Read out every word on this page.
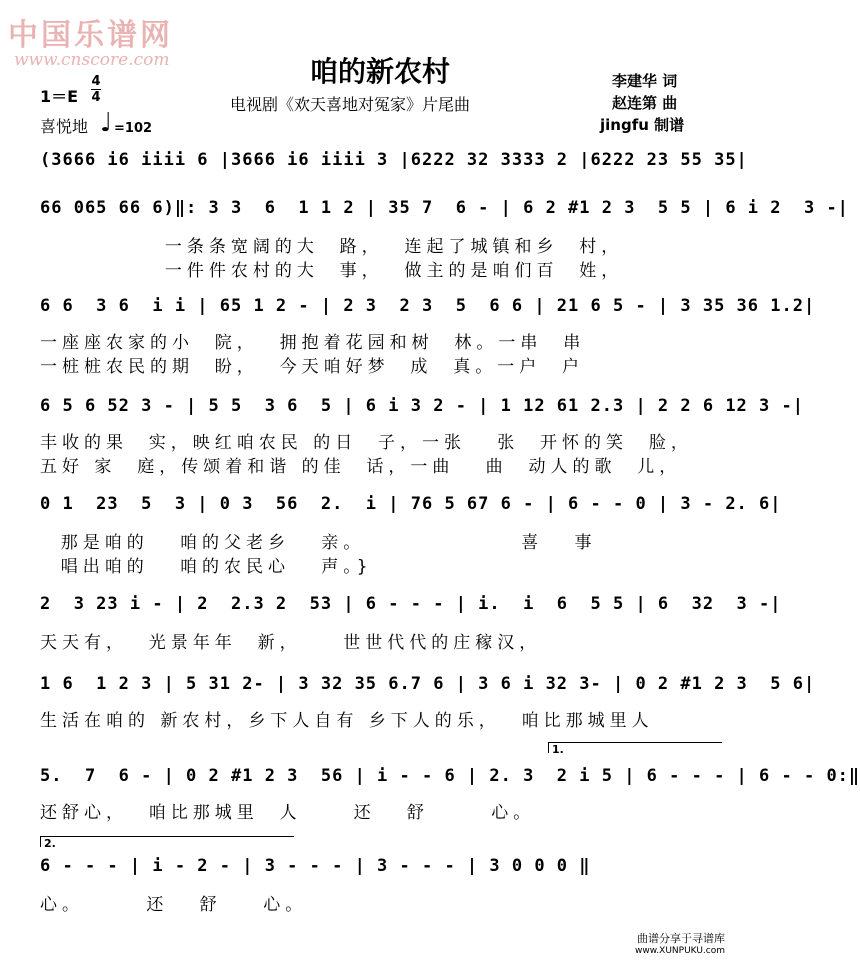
中国乐谱网
www.cnscore.com	咱的新农村
电视剧《欢天喜地对冤家》片尾曲
李建华 词
赵连第 曲
jingfu 制谱
$1=E \frac{4}{4}$
喜悦地 ♩ =102
(3666 i6 iiii 6 |3666 i6 iiii 3 |6222 32 3333 2 |6222 23 55 35|
66 065 66 6)‖: 3 3  6  1 1 2 | 35 7  6 - | 6 2 #1 2 3  5 5 | 6 i 2  3 -|
一条条宽阔的大  路，  连起了城镇和乡  村，
一件件农村的大  事，  做主的是咱们百  姓，
6 6  3 6  i i | 65 1 2 - | 2 3  2 3  5  6 6 | 21 6 5 - | 3 35 36 1.2|
一座座农家的小  院，  拥抱着花园和树  林。一串  串
一桩桩农民的期  盼，  今天咱好梦  成  真。一户  户
6 5 6 52 3 - | 5 5  3 6  5 | 6 i 3 2 - | 1 12 61 2.3 | 2 2 6 12 3 -|
丰收的果  实，映红咱农民 的日  子，一张   张  开怀的笑  脸，
五好 家  庭，传颂着和谐 的佳  话，一曲   曲  动人的歌  儿，
0 1  23  5  3 | 0 3  56  2.  i | 76 5 67 6 - | 6 - - 0 | 3 - 2. 6|
那是咱的   咱的父老乡   亲。               喜   事
唱出咱的   咱的农民心   声。}
2  3 23 i - | 2  2.3 2  53 | 6 - - - | i.  i  6  5 5 | 6  32  3 -|
天天有，  光景年年  新，    世世代代的庄稼汉，
1 6  1 2 3 | 5 31 2- | 3 32 35 6.7 6 | 3 6 i 32 3- | 0 2 #1 2 3  5 6|
生活在咱的 新农村，乡下人自有 乡下人的乐，  咱比那城里人
1.
5.  7  6 - | 0 2 #1 2 3  56 | i - - 6 | 2. 3  2 i 5 | 6 - - - | 6 - - 0:‖
还舒心，  咱比那城里  人     还   舒      心。
2.
6 - - - | i - 2 - | 3 - - - | 3 - - - | 3 0 0 0 ‖
心。      还   舒    心。
曲谱分享于寻谱库
www.XUNPUKU.com
